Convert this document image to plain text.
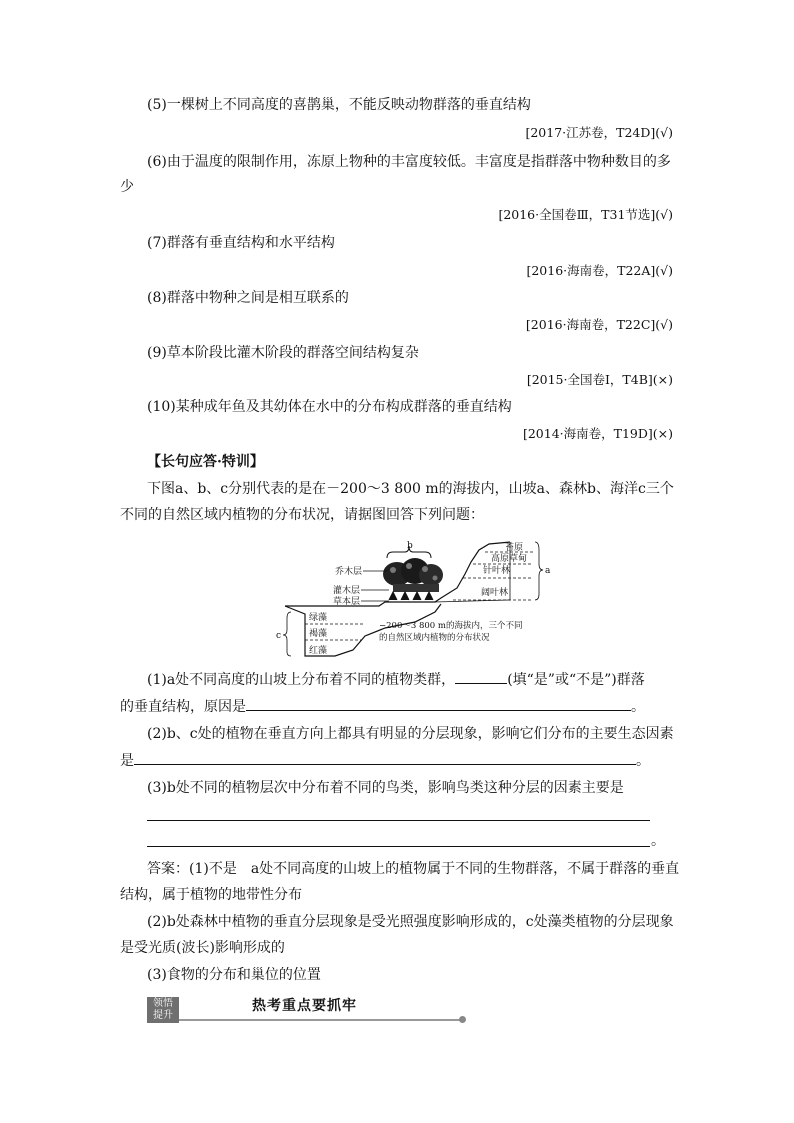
(5)一棵树上不同高度的喜鹊巢，不能反映动物群落的垂直结构
[2017·江苏卷，T24D](√)
(6)由于温度的限制作用，冻原上物种的丰富度较低。丰富度是指群落中物种数目的多
少
[2016·全国卷Ⅲ，T31节选](√)
(7)群落有垂直结构和水平结构
[2016·海南卷，T22A](√)
(8)群落中物种之间是相互联系的
[2016·海南卷，T22C](√)
(9)草本阶段比灌木阶段的群落空间结构复杂
[2015·全国卷Ⅰ，T4B](×)
(10)某种成年鱼及其幼体在水中的分布构成群落的垂直结构
[2014·海南卷，T19D](×)
【长句应答·特训】
下图a、b、c分别代表的是在－200～3 800 m的海拔内，山坡a、森林b、海洋c三个
不同的自然区域内植物的分布状况，请据图回答下列问题：
b
乔木层
灌木层
草本层
a
苔原
高原草甸
针叶林
阔叶林
c
绿藻
褐藻
红藻
−200～3 800 m的海拔内，三个不同
的自然区域内植物的分布状况
(1)a处不同高度的山坡上分布着不同的植物类群，	(填“是”或“不是”)群落
的垂直结构，原因是	。
(2)b、c处的植物在垂直方向上都具有明显的分层现象，影响它们分布的主要生态因素
是	。
(3)b处不同的植物层次中分布着不同的鸟类，影响鸟类这种分层的因素主要是
。
答案：(1)不是　a处不同高度的山坡上的植物属于不同的生物群落，不属于群落的垂直
结构，属于植物的地带性分布
(2)b处森林中植物的垂直分层现象是受光照强度影响形成的，c处藻类植物的分层现象
是受光质(波长)影响形成的
(3)食物的分布和巢位的位置
领悟
提升
热考重点要抓牢
